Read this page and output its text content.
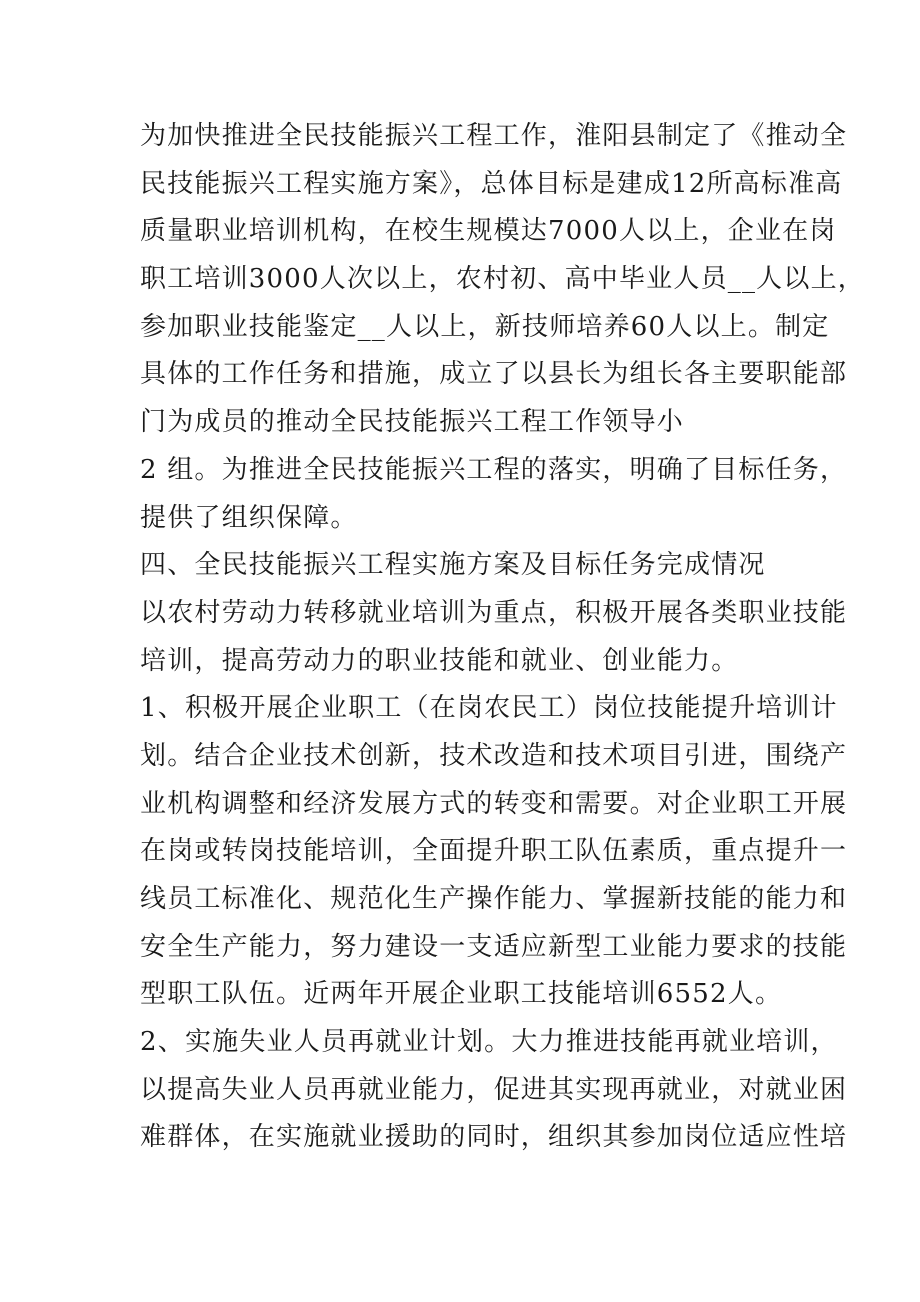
为加快推进全民技能振兴工程工作，淮阳县制定了《推动全
民技能振兴工程实施方案》，总体目标是建成12所高标准高
质量职业培训机构，在校生规模达7000人以上，企业在岗
职工培训3000人次以上，农村初、高中毕业人员__人以上，
参加职业技能鉴定__人以上，新技师培养60人以上。制定
具体的工作任务和措施，成立了以县长为组长各主要职能部
门为成员的推动全民技能振兴工程工作领导小
2 组。为推进全民技能振兴工程的落实，明确了目标任务，
提供了组织保障。
四、全民技能振兴工程实施方案及目标任务完成情况
以农村劳动力转移就业培训为重点，积极开展各类职业技能
培训，提高劳动力的职业技能和就业、创业能力。
1、积极开展企业职工（在岗农民工）岗位技能提升培训计
划。结合企业技术创新，技术改造和技术项目引进，围绕产
业机构调整和经济发展方式的转变和需要。对企业职工开展
在岗或转岗技能培训，全面提升职工队伍素质，重点提升一
线员工标准化、规范化生产操作能力、掌握新技能的能力和
安全生产能力，努力建设一支适应新型工业能力要求的技能
型职工队伍。近两年开展企业职工技能培训6552人。
2、实施失业人员再就业计划。大力推进技能再就业培训，
以提高失业人员再就业能力，促进其实现再就业，对就业困
难群体，在实施就业援助的同时，组织其参加岗位适应性培
